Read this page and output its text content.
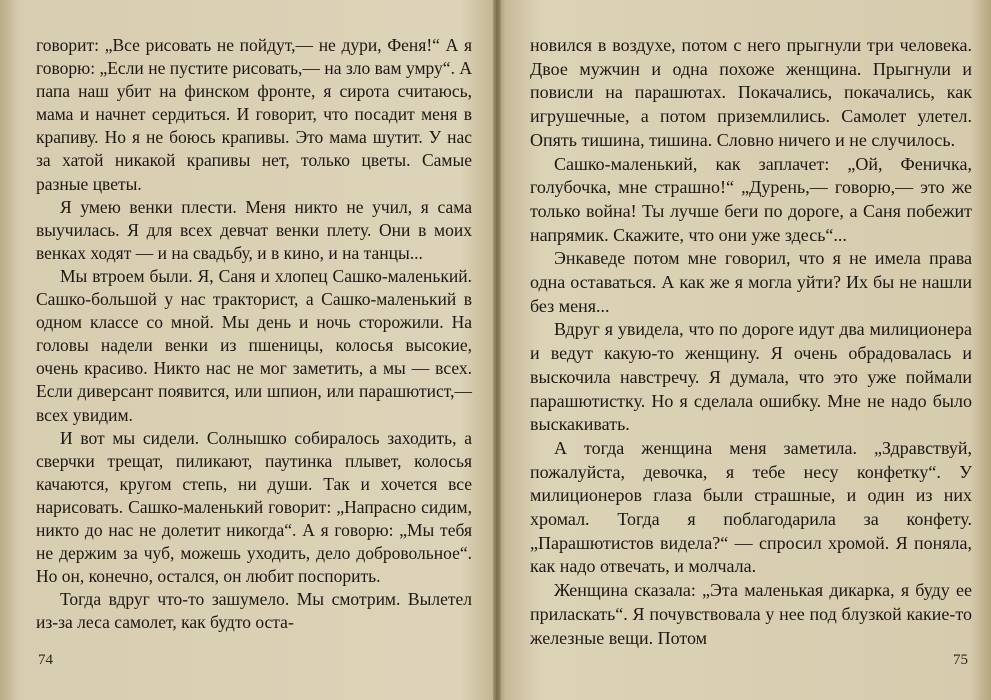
говорит: „Все рисовать не пойдут,— не дури, Феня!“ А я говорю: „Если не пустите рисовать,— на зло вам умру“. А папа наш убит на финском фронте, я сирота считаюсь, мама и начнет сердиться. И говорит, что посадит меня в крапиву. Но я не боюсь крапивы. Это мама шутит. У нас за хатой никакой крапивы нет, только цветы. Самые разные цветы.

Я умею венки плести. Меня никто не учил, я сама выучилась. Я для всех девчат венки плету. Они в моих венках ходят — и на свадьбу, и в кино, и на танцы...

Мы втроем были. Я, Саня и хлопец Сашко-маленький. Сашко-большой у нас тракторист, а Сашко-маленький в одном классе со мной. Мы день и ночь сторожили. На головы надели венки из пшеницы, колосья высокие, очень красиво. Никто нас не мог заметить, а мы — всех. Если диверсант появится, или шпион, или парашютист,— всех увидим.

И вот мы сидели. Солнышко собиралось заходить, а сверчки трещат, пиликают, паутинка плывет, колосья качаются, кругом степь, ни души. Так и хочется все нарисовать. Сашко-маленький говорит: „Напрасно сидим, никто до нас не долетит никогда“. А я говорю: „Мы тебя не держим за чуб, можешь уходить, дело добровольное“. Но он, конечно, остался, он любит поспорить.

Тогда вдруг что-то зашумело. Мы смотрим. Вылетел из-за леса самолет, как будто оста-

74

новился в воздухе, потом с него прыгнули три человека. Двое мужчин и одна похоже женщина. Прыгнули и повисли на парашютах. Покачались, покачались, как игрушечные, а потом приземлились. Самолет улетел. Опять тишина, тишина. Словно ничего и не случилось.

Сашко-маленький, как заплачет: „Ой, Феничка, голубочка, мне страшно!“ „Дурень,— говорю,— это же только война! Ты лучше беги по дороге, а Саня побежит напрямик. Скажите, что они уже здесь“...

Энкаведе потом мне говорил, что я не имела права одна оставаться. А как же я могла уйти? Их бы не нашли без меня...

Вдруг я увидела, что по дороге идут два милиционера и ведут какую-то женщину. Я очень обрадовалась и выскочила навстречу. Я думала, что это уже поймали парашютистку. Но я сделала ошибку. Мне не надо было выскакивать.

А тогда женщина меня заметила. „Здравствуй, пожалуйста, девочка, я тебе несу конфетку“. У милиционеров глаза были страшные, и один из них хромал. Тогда я поблагодарила за конфету. „Парашютистов видела?“ — спросил хромой. Я поняла, как надо отвечать, и молчала.

Женщина сказала: „Эта маленькая дикарка, я буду ее приласкать“. Я почувствовала у нее под блузкой какие-то железные вещи. Потом

75
